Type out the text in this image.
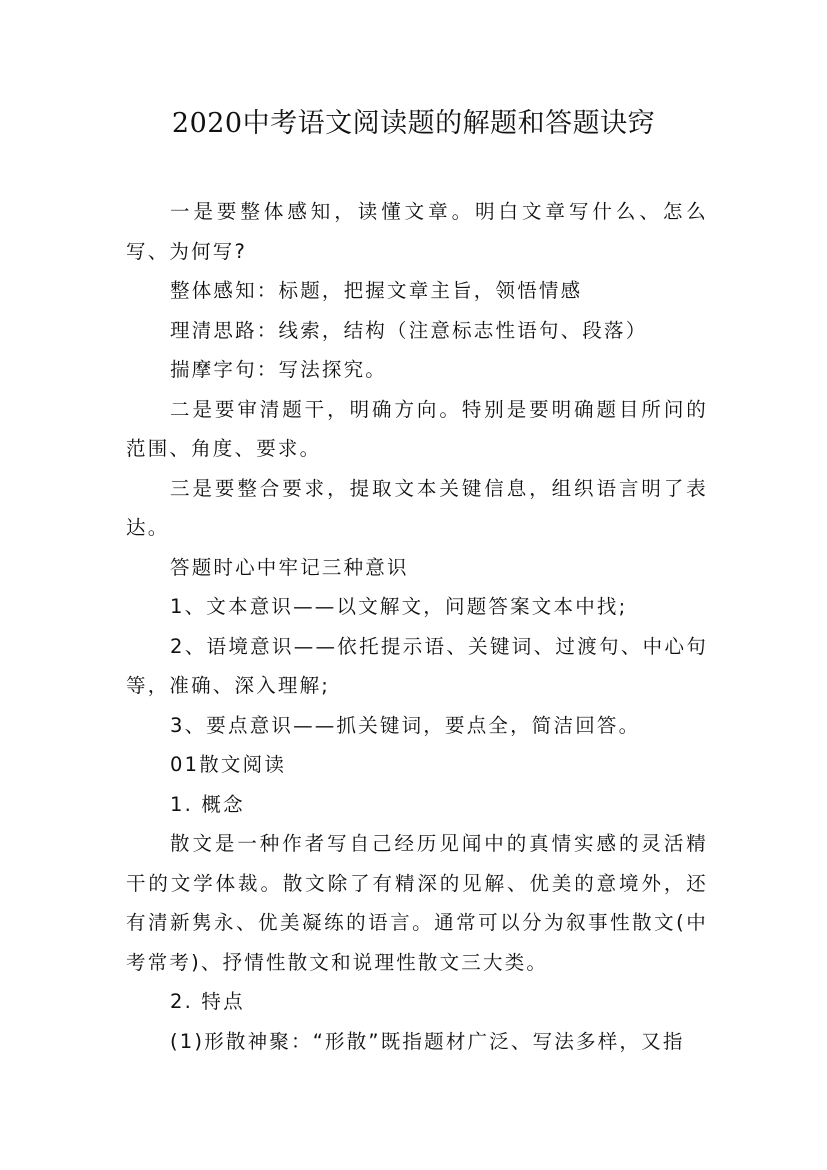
2020中考语文阅读题的解题和答题诀窍

一是要整体感知，读懂文章。明白文章写什么、怎么写、为何写?

整体感知：标题，把握文章主旨，领悟情感

理清思路：线索，结构（注意标志性语句、段落）

揣摩字句：写法探究。

二是要审清题干，明确方向。特别是要明确题目所问的范围、角度、要求。

三是要整合要求，提取文本关键信息，组织语言明了表达。

答题时心中牢记三种意识

1、文本意识——以文解文，问题答案文本中找;

2、语境意识——依托提示语、关键词、过渡句、中心句等，准确、深入理解;

3、要点意识——抓关键词，要点全，简洁回答。

01散文阅读

1. 概念

散文是一种作者写自己经历见闻中的真情实感的灵活精干的文学体裁。散文除了有精深的见解、优美的意境外，还有清新隽永、优美凝练的语言。通常可以分为叙事性散文(中考常考)、抒情性散文和说理性散文三大类。

2. 特点

(1)形散神聚：“形散”既指题材广泛、写法多样，又指
